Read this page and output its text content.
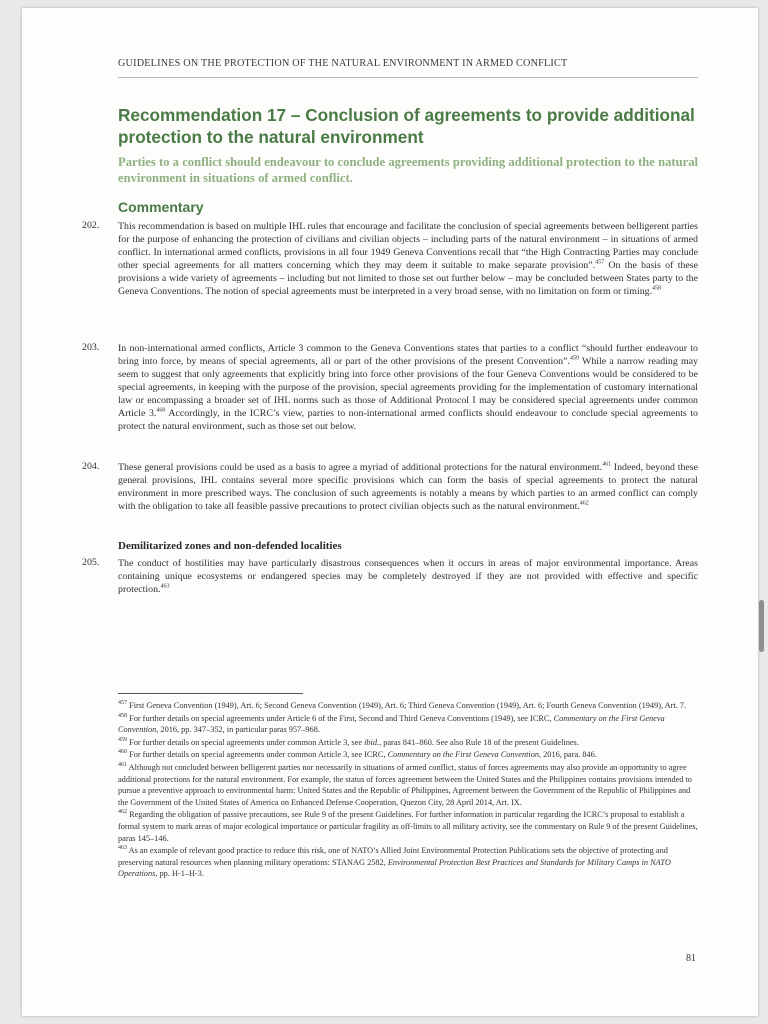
GUIDELINES ON THE PROTECTION OF THE NATURAL ENVIRONMENT IN ARMED CONFLICT
Recommendation 17 – Conclusion of agreements to provide additional protection to the natural environment
Parties to a conflict should endeavour to conclude agreements providing additional protection to the natural environment in situations of armed conflict.
Commentary
202. This recommendation is based on multiple IHL rules that encourage and facilitate the conclusion of special agreements between belligerent parties for the purpose of enhancing the protection of civilians and civilian objects – including parts of the natural environment – in situations of armed conflict. In international armed conflicts, provisions in all four 1949 Geneva Conventions recall that “the High Contracting Parties may conclude other special agreements for all matters concerning which they may deem it suitable to make separate provision”.$^{457}$ On the basis of these provisions a wide variety of agreements – including but not limited to those set out further below – may be concluded between States party to the Geneva Conventions. The notion of special agreements must be interpreted in a very broad sense, with no limitation on form or timing.$^{458}$
203. In non-international armed conflicts, Article 3 common to the Geneva Conventions states that parties to a conflict “should further endeavour to bring into force, by means of special agreements, all or part of the other provisions of the present Convention”.$^{459}$ While a narrow reading may seem to suggest that only agreements that explicitly bring into force other provisions of the four Geneva Conventions would be considered to be special agreements, in keeping with the purpose of the provision, special agreements providing for the implementation of customary international law or encompassing a broader set of IHL norms such as those of Additional Protocol I may be considered special agreements under common Article 3.$^{460}$ Accordingly, in the ICRC’s view, parties to non-international armed conflicts should endeavour to conclude special agreements to protect the natural environment, such as those set out below.
204. These general provisions could be used as a basis to agree a myriad of additional protections for the natural environment.$^{461}$ Indeed, beyond these general provisions, IHL contains several more specific provisions which can form the basis of special agreements to protect the natural environment in more prescribed ways. The conclusion of such agreements is notably a means by which parties to an armed conflict can comply with the obligation to take all feasible passive precautions to protect civilian objects such as the natural environment.$^{462}$
Demilitarized zones and non-defended localities
205. The conduct of hostilities may have particularly disastrous consequences when it occurs in areas of major environmental importance. Areas containing unique ecosystems or endangered species may be completely destroyed if they are not provided with effective and specific protection.$^{463}$
$^{457}$ First Geneva Convention (1949), Art. 6; Second Geneva Convention (1949), Art. 6; Third Geneva Convention (1949), Art. 6; Fourth Geneva Convention (1949), Art. 7.
$^{458}$ For further details on special agreements under Article 6 of the First, Second and Third Geneva Conventions (1949), see ICRC, Commentary on the First Geneva Convention, 2016, pp. 347–352, in particular paras 957–968.
$^{459}$ For further details on special agreements under common Article 3, see ibid., paras 841–860. See also Rule 18 of the present Guidelines.
$^{460}$ For further details on special agreements under common Article 3, see ICRC, Commentary on the First Geneva Convention, 2016, para. 846.
$^{461}$ Although not concluded between belligerent parties nor necessarily in situations of armed conflict, status of forces agreements may also provide an opportunity to agree additional protections for the natural environment. For example, the status of forces agreement between the United States and the Philippines contains provisions intended to pursue a preventive approach to environmental harm: United States and the Republic of Philippines, Agreement between the Government of the Republic of Philippines and the Government of the United States of America on Enhanced Defense Cooperation, Quezon City, 28 April 2014, Art. IX.
$^{462}$ Regarding the obligation of passive precautions, see Rule 9 of the present Guidelines. For further information in particular regarding the ICRC’s proposal to establish a formal system to mark areas of major ecological importance or particular fragility as off-limits to all military activity, see the commentary on Rule 9 of the present Guidelines, paras 145–146.
$^{463}$ As an example of relevant good practice to reduce this risk, one of NATO’s Allied Joint Environmental Protection Publications sets the objective of protecting and preserving natural resources when planning military operations: STANAG 2582, Environmental Protection Best Practices and Standards for Military Camps in NATO Operations, pp. H-1–H-3.
81
